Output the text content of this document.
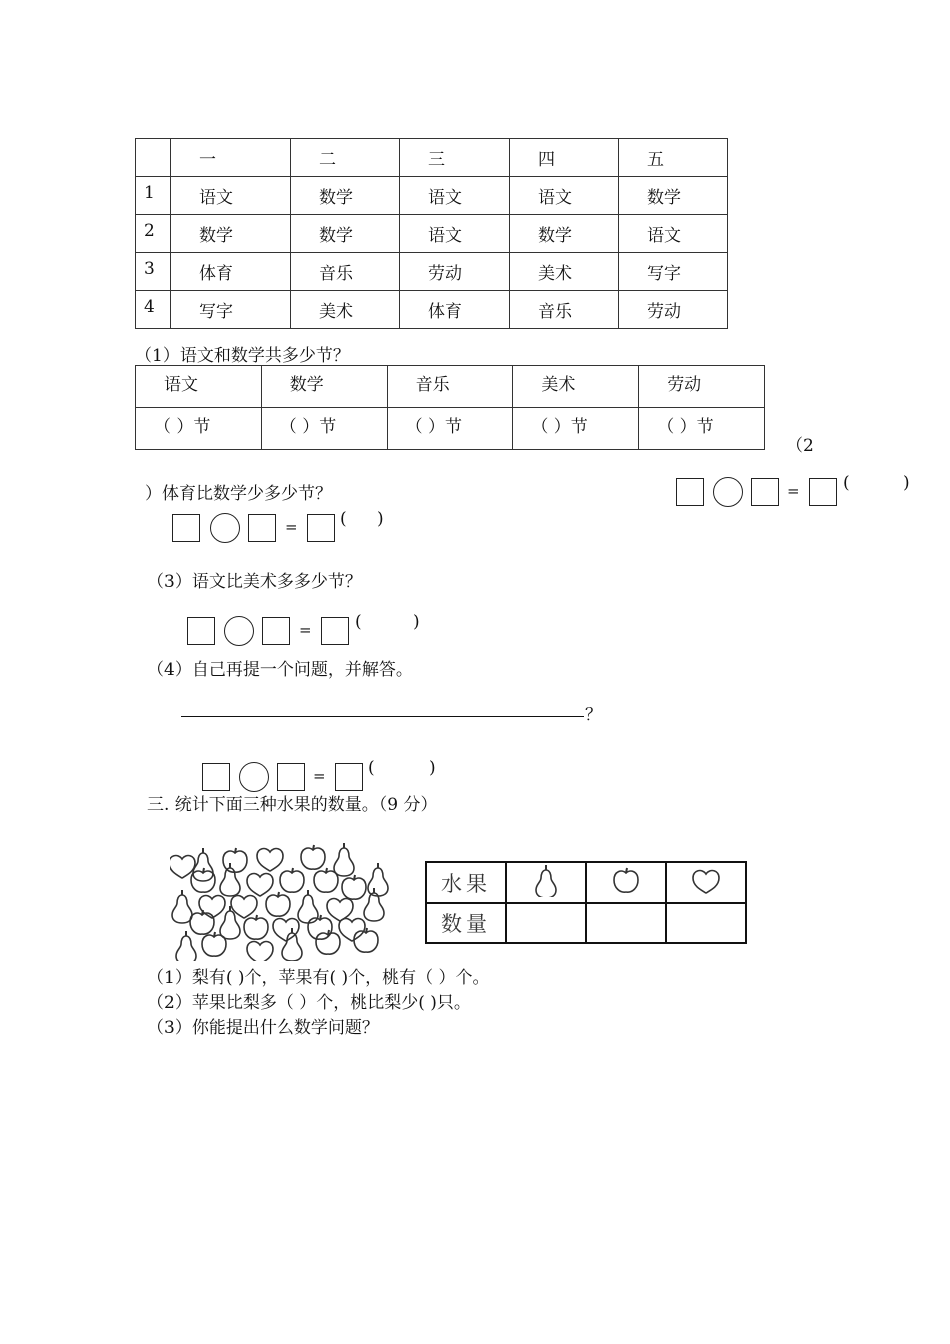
	一	二	三	四	五

1	语文	数学	语文	语文	数学

2	数学	数学	语文	数学	语文

3	体育	音乐	劳动	美术	写字

4	写字	美术	体育	音乐	劳动
（1）语文和数学共多少节？
语文	数学	音乐	美术	劳动

（ ）节	（ ）节	（ ）节	（ ）节	（ ）节
（2
=	(	)
）体育比数学少多少节？
= ( )
（3）语文比美术多多少节？
=	(	)
（4）自己再提一个问题，并解答。
？
= (	)
三. 统计下面三种水果的数量。（9 分）
水果			
数量			
（1）梨有( )个，苹果有( )个，桃有（ ）个。
（2）苹果比梨多（ ）个，桃比梨少( )只。
（3）你能提出什么数学问题？
